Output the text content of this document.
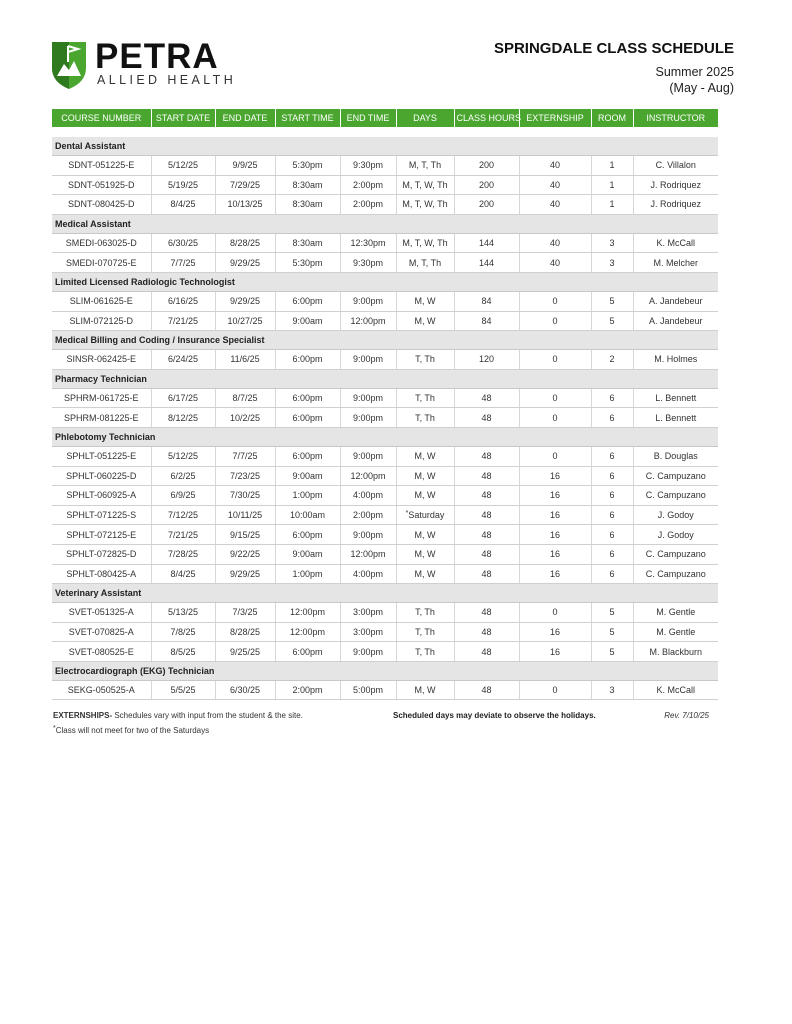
PETRA
ALLIED HEALTH
SPRINGDALE CLASS SCHEDULE
Summer 2025
(May - Aug)
COURSE NUMBER	START DATE	END DATE	START TIME	END TIME	DAYS	CLASS HOURS	EXTERNSHIP	ROOM	INSTRUCTOR

Dental Assistant									
SDNT-051225-E	5/12/25	9/9/25	5:30pm	9:30pm	M, T, Th	200	40	1	C. Villalon
SDNT-051925-D	5/19/25	7/29/25	8:30am	2:00pm	M, T, W, Th	200	40	1	J. Rodriquez
SDNT-080425-D	8/4/25	10/13/25	8:30am	2:00pm	M, T, W, Th	200	40	1	J. Rodriquez
Medical Assistant									
SMEDI-063025-D	6/30/25	8/28/25	8:30am	12:30pm	M, T, W, Th	144	40	3	K. McCall
SMEDI-070725-E	7/7/25	9/29/25	5:30pm	9:30pm	M, T, Th	144	40	3	M. Melcher
Limited Licensed Radiologic Technologist									
SLIM-061625-E	6/16/25	9/29/25	6:00pm	9:00pm	M, W	84	0	5	A. Jandebeur
SLIM-072125-D	7/21/25	10/27/25	9:00am	12:00pm	M, W	84	0	5	A. Jandebeur
Medical Billing and Coding / Insurance Specialist									
SINSR-062425-E	6/24/25	11/6/25	6:00pm	9:00pm	T, Th	120	0	2	M. Holmes
Pharmacy Technician									
SPHRM-061725-E	6/17/25	8/7/25	6:00pm	9:00pm	T, Th	48	0	6	L. Bennett
SPHRM-081225-E	8/12/25	10/2/25	6:00pm	9:00pm	T, Th	48	0	6	L. Bennett
Phlebotomy Technician									
SPHLT-051225-E	5/12/25	7/7/25	6:00pm	9:00pm	M, W	48	0	6	B. Douglas
SPHLT-060225-D	6/2/25	7/23/25	9:00am	12:00pm	M, W	48	16	6	C. Campuzano
SPHLT-060925-A	6/9/25	7/30/25	1:00pm	4:00pm	M, W	48	16	6	C. Campuzano
SPHLT-071225-S	7/12/25	10/11/25	10:00am	2:00pm	*Saturday	48	16	6	J. Godoy
SPHLT-072125-E	7/21/25	9/15/25	6:00pm	9:00pm	M, W	48	16	6	J. Godoy
SPHLT-072825-D	7/28/25	9/22/25	9:00am	12:00pm	M, W	48	16	6	C. Campuzano
SPHLT-080425-A	8/4/25	9/29/25	1:00pm	4:00pm	M, W	48	16	6	C. Campuzano
Veterinary Assistant									
SVET-051325-A	5/13/25	7/3/25	12:00pm	3:00pm	T, Th	48	0	5	M. Gentle
SVET-070825-A	7/8/25	8/28/25	12:00pm	3:00pm	T, Th	48	16	5	M. Gentle
SVET-080525-E	8/5/25	9/25/25	6:00pm	9:00pm	T, Th	48	16	5	M. Blackburn
Electrocardiograph (EKG) Technician									
SEKG-050525-A	5/5/25	6/30/25	2:00pm	5:00pm	M, W	48	0	3	K. McCall
EXTERNSHIPS- Schedules vary with input from the student & the site.	Scheduled days may deviate to observe the holidays.	Rev. 7/10/25
*Class will not meet for two of the Saturdays
